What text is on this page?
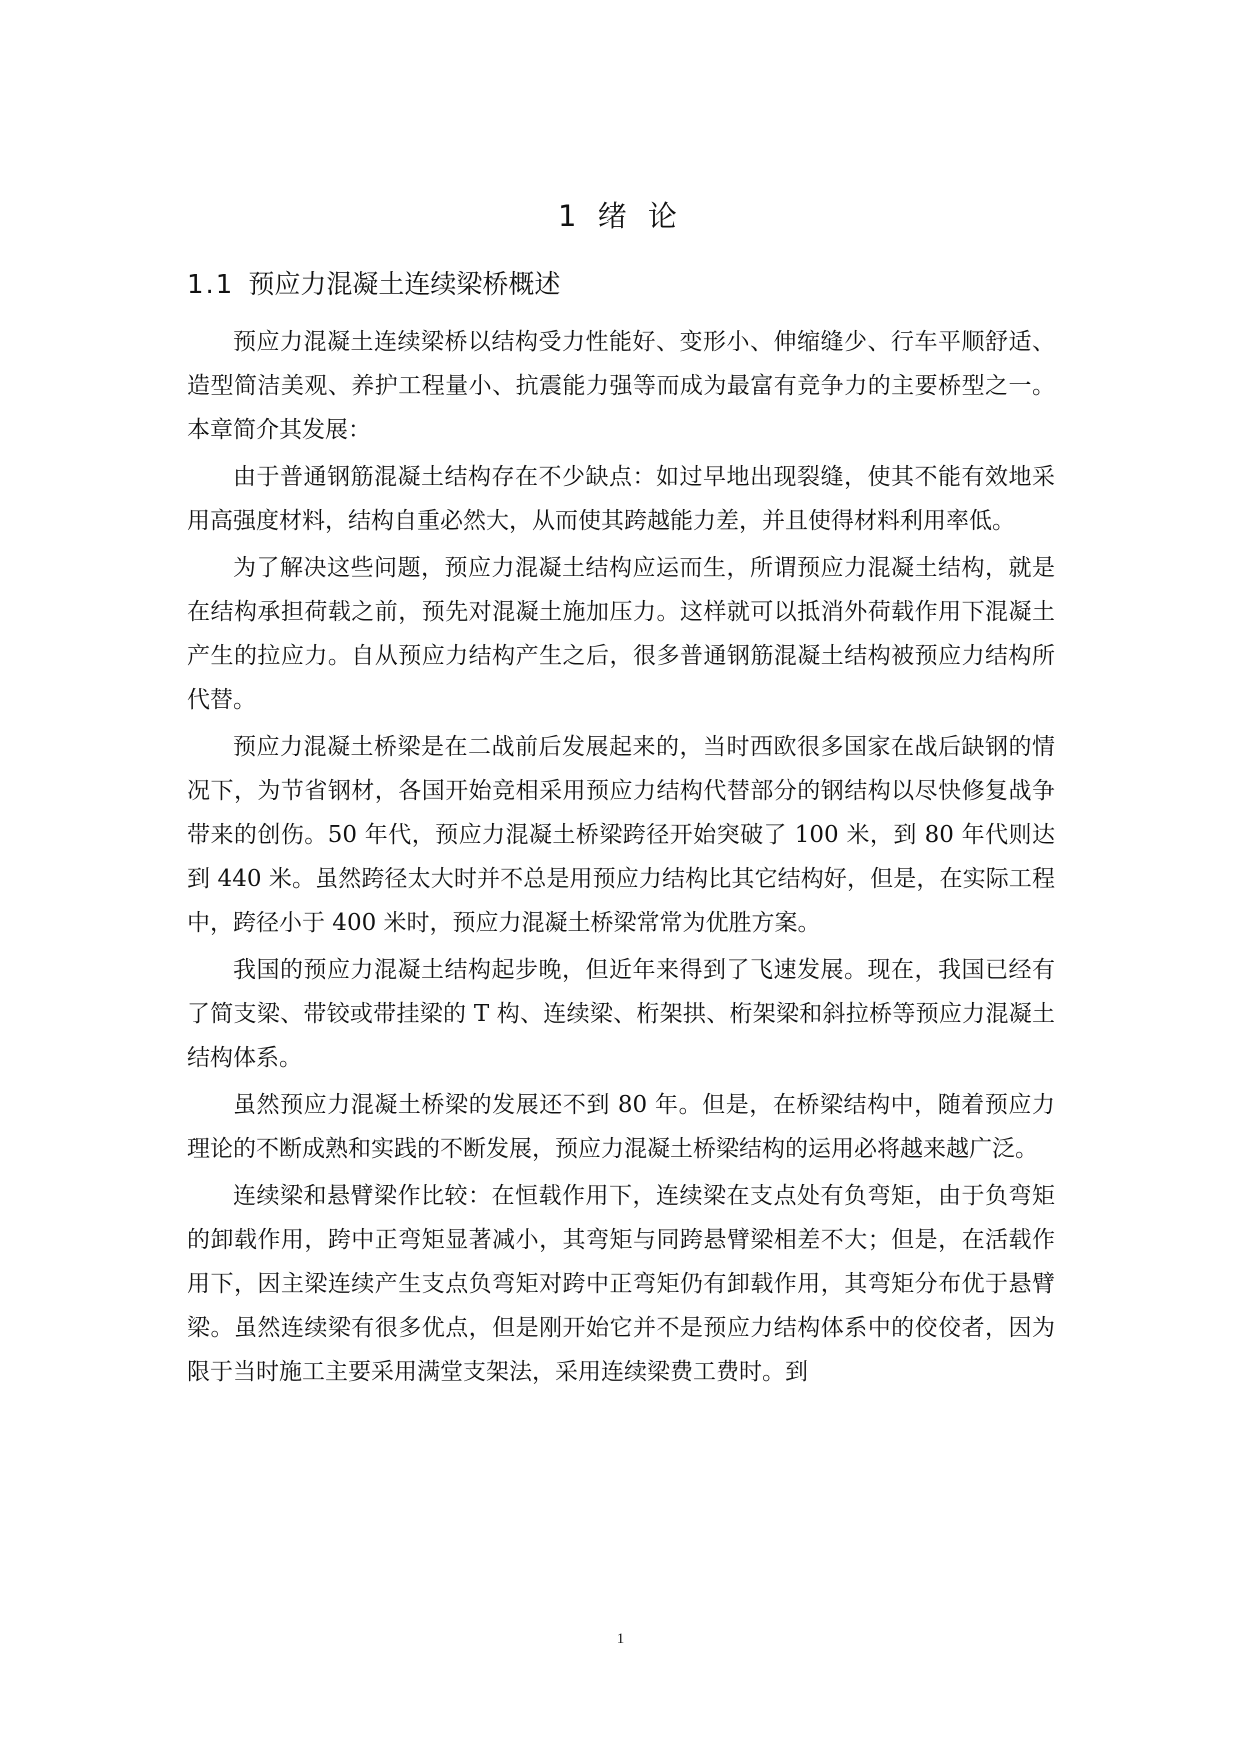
1 绪 论
1.1 预应力混凝土连续梁桥概述

预应力混凝土连续梁桥以结构受力性能好、变形小、伸缩缝少、行车平顺舒适、造型简洁美观、养护工程量小、抗震能力强等而成为最富有竞争力的主要桥型之一。本章简介其发展：

由于普通钢筋混凝土结构存在不少缺点：如过早地出现裂缝，使其不能有效地采用高强度材料，结构自重必然大，从而使其跨越能力差，并且使得材料利用率低。

为了解决这些问题，预应力混凝土结构应运而生，所谓预应力混凝土结构，就是在结构承担荷载之前，预先对混凝土施加压力。这样就可以抵消外荷载作用下混凝土产生的拉应力。自从预应力结构产生之后，很多普通钢筋混凝土结构被预应力结构所代替。

预应力混凝土桥梁是在二战前后发展起来的，当时西欧很多国家在战后缺钢的情况下，为节省钢材，各国开始竞相采用预应力结构代替部分的钢结构以尽快修复战争带来的创伤。50 年代，预应力混凝土桥梁跨径开始突破了 100 米，到 80 年代则达到 440 米。虽然跨径太大时并不总是用预应力结构比其它结构好，但是，在实际工程中，跨径小于 400 米时，预应力混凝土桥梁常常为优胜方案。

我国的预应力混凝土结构起步晚，但近年来得到了飞速发展。现在，我国已经有了简支梁、带铰或带挂梁的 T 构、连续梁、桁架拱、桁架梁和斜拉桥等预应力混凝土结构体系。

虽然预应力混凝土桥梁的发展还不到 80 年。但是，在桥梁结构中，随着预应力理论的不断成熟和实践的不断发展，预应力混凝土桥梁结构的运用必将越来越广泛。

连续梁和悬臂梁作比较：在恒载作用下，连续梁在支点处有负弯矩，由于负弯矩的卸载作用，跨中正弯矩显著减小，其弯矩与同跨悬臂梁相差不大；但是，在活载作用下，因主梁连续产生支点负弯矩对跨中正弯矩仍有卸载作用，其弯矩分布优于悬臂梁。虽然连续梁有很多优点，但是刚开始它并不是预应力结构体系中的佼佼者，因为限于当时施工主要采用满堂支架法，采用连续梁费工费时。到

1
